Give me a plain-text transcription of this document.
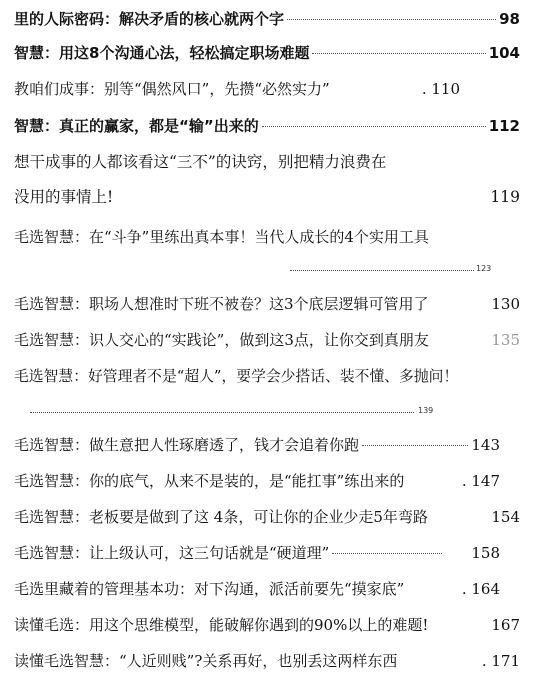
里的人际密码：解决矛盾的核心就两个字	98
智慧：用这8个沟通心法，轻松搞定职场难题	104
教咱们成事：别等“偶然风口”，先攒“必然实力”	. 110
智慧：真正的赢家，都是“输”出来的	112
想干成事的人都该看这“三不”的诀窍，别把精力浪费在
没用的事情上!	119
毛选智慧：在“斗争”里练出真本事！当代人成长的4个实用工具
123
毛选智慧：职场人想准时下班不被卷？这3个底层逻辑可管用了	130
毛选智慧：识人交心的“实践论”，做到这3点，让你交到真朋友	135
毛选智慧：好管理者不是“超人”，要学会少搭话、装不懂、多抛问！
139
毛选智慧：做生意把人性琢磨透了，钱才会追着你跑	143
毛选智慧：你的底气，从来不是装的，是“能扛事”练出来的	. 147
毛选智慧：老板要是做到了这 4条，可让你的企业少走5年弯路	154
毛选智慧：让上级认可，这三句话就是“硬道理”	158
毛选里藏着的管理基本功：对下沟通，派活前要先“摸家底”	. 164
读懂毛选：用这个思维模型，能破解你遇到的90%以上的难题!	167
读懂毛选智慧：“人近则贱”?关系再好，也别丢这两样东西	. 171
